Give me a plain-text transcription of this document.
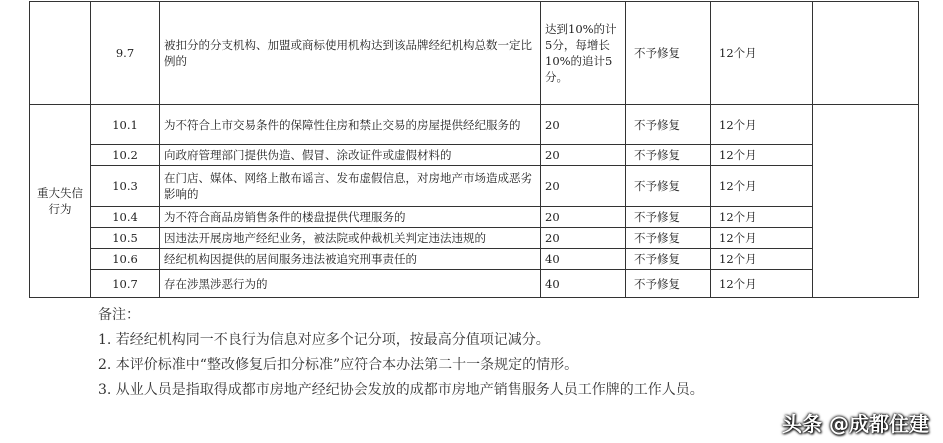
	9.7	被扣分的分支机构、加盟或商标使用机构达到该品牌经纪机构总数一定比例的	达到10%的计5分，每增长10%的追计5分。	不予修复	12个月	
重大失信行为	10.1	为不符合上市交易条件的保障性住房和禁止交易的房屋提供经纪服务的	20	不予修复	12个月	
	10.2	向政府管理部门提供伪造、假冒、涂改证件或虚假材料的	20	不予修复	12个月	
	10.3	在门店、媒体、网络上散布谣言、发布虚假信息，对房地产市场造成恶劣影响的	20	不予修复	12个月	
	10.4	为不符合商品房销售条件的楼盘提供代理服务的	20	不予修复	12个月	
	10.5	因违法开展房地产经纪业务，被法院或仲裁机关判定违法违规的	20	不予修复	12个月	
	10.6	经纪机构因提供的居间服务违法被追究刑事责任的	40	不予修复	12个月	
	10.7	存在涉黑涉恶行为的	40	不予修复	12个月	
备注：
1. 若经纪机构同一不良行为信息对应多个记分项，按最高分值项记减分。
2. 本评价标准中“整改修复后扣分标准”应符合本办法第二十一条规定的情形。
3. 从业人员是指取得成都市房地产经纪协会发放的成都市房地产销售服务人员工作牌的工作人员。
头条 @成都住建
